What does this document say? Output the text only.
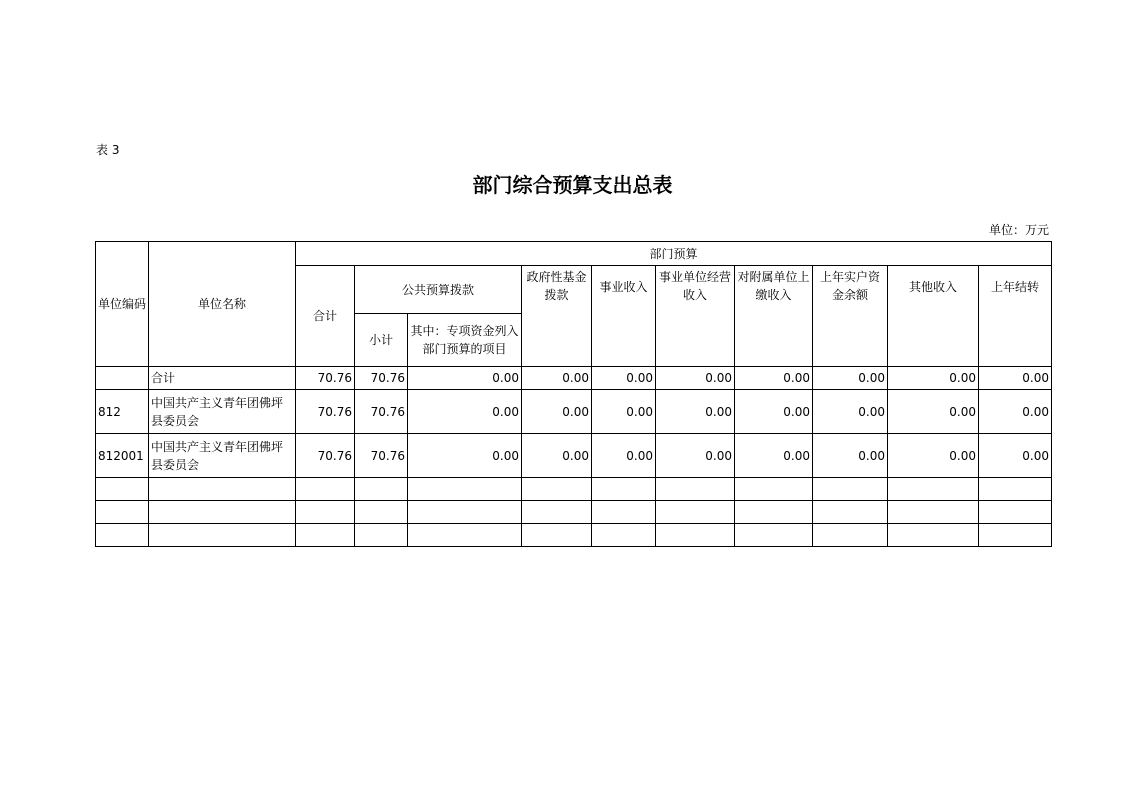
表 3
部门综合预算支出总表
单位：万元
单位编码	单位名称	部门预算									
		合计	公共预算拨款		政府性基金拨款	事业收入	事业单位经营收入	对附属单位上缴收入	上年实户资金余额	其他收入	上年结转
			小计	其中：专项资金列入部门预算的项目							
	合计	70.76	70.76	0.00	0.00	0.00	0.00	0.00	0.00	0.00	0.00
812	中国共产主义青年团佛坪县委员会	70.76	70.76	0.00	0.00	0.00	0.00	0.00	0.00	0.00	0.00
812001	中国共产主义青年团佛坪县委员会	70.76	70.76	0.00	0.00	0.00	0.00	0.00	0.00	0.00	0.00
